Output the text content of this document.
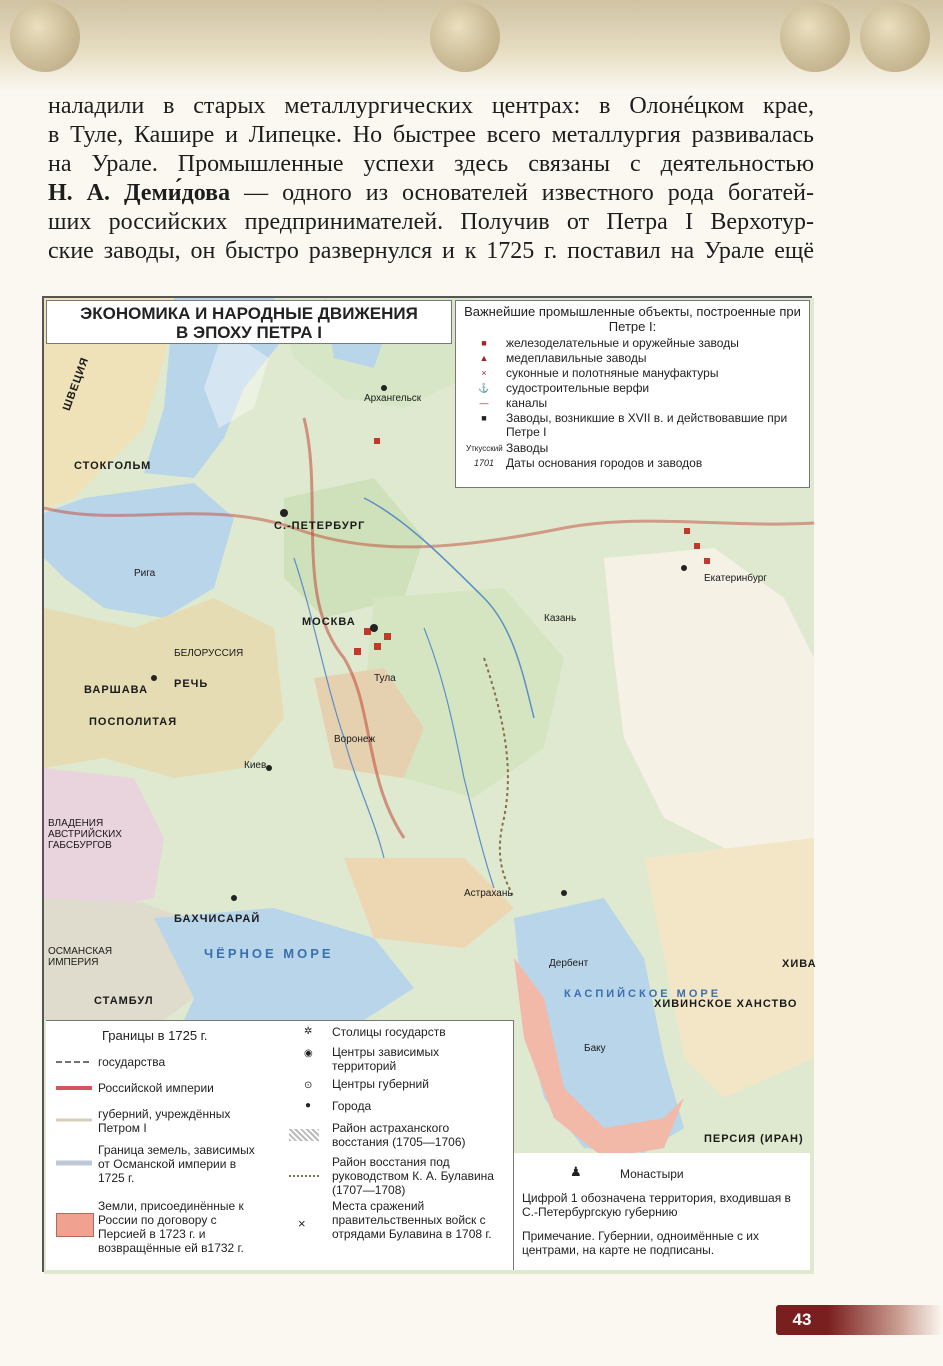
наладили в старых металлургических центрах: в Олонéцком крае,
в Туле, Кашире и Липецке. Но быстрее всего металлургия развивалась
на Урале. Промышленные успехи здесь связаны с деятельностью
Н. А. Деми́дова — одного из основателей известного рода богатей-
ших российских предпринимателей. Получив от Петра I Верхотур-
ские заводы, он быстро развернулся и к 1725 г. поставил на Урале ещё
СТОКГОЛЬМ
МОСКВА
С.-ПЕТЕРБУРГ
ВАРШАВА РЕЧЬ
ПОСПОЛИТАЯ
БЕЛОРУССИЯ
БАХЧИСАРАЙ
СТАМБУЛ
ВЛАДЕНИЯ АВСТРИЙСКИХ ГАБСБУРГОВ
ОСМАНСКАЯ ИМПЕРИЯ
ЧЁРНОЕ МОРЕ
КАСПИЙСКОЕ МОРЕ
ХИВА
ХИВИНСКОЕ ХАНСТВО
ПЕРСИЯ (ИРАН)
ШВЕЦИЯ
Екатеринбург
Тула
Казань
Астрахань
Воронеж
Киев
Рига
Архангельск
Дербент
Баку
ЭКОНОМИКА И НАРОДНЫЕ ДВИЖЕНИЯ
В ЭПОХУ ПЕТРА I
Важнейшие промышленные объекты, построенные при Петре I:
■	железоделательные и оружейные заводы
▲	медеплавильные заводы
×	суконные и полотняные мануфактуры
⚓	судостроительные верфи
—	каналы
■	Заводы, возникшие в XVII в. и действовавшие при Петре I
Уткусский Заводы
1701 Даты основания городов и заводов
Границы в 1725 г.
государства
Российской империи
губерний, учреждённых Петром I
Граница земель, зависимых от Османской империи в 1725 г.
Земли, присоединённые к России по договору с Персией в 1723 г. и возвращённые ей в1732 г.
✲ Столицы государств
◉ Центры зависимых территорий
⊙ Центры губерний
● Города
Район астраханского восстания (1705—1706)
Район восстания под руководством К. А. Булавина (1707—1708)
×
Места сражений правительственных войск с отрядами Булавина в 1708 г.
♟	Монастыри
Цифрой 1 обозначена территория, входившая в С.-Петербургскую губернию
Примечание. Губернии, одноимённые с их центрами, на карте не подписаны.
43
